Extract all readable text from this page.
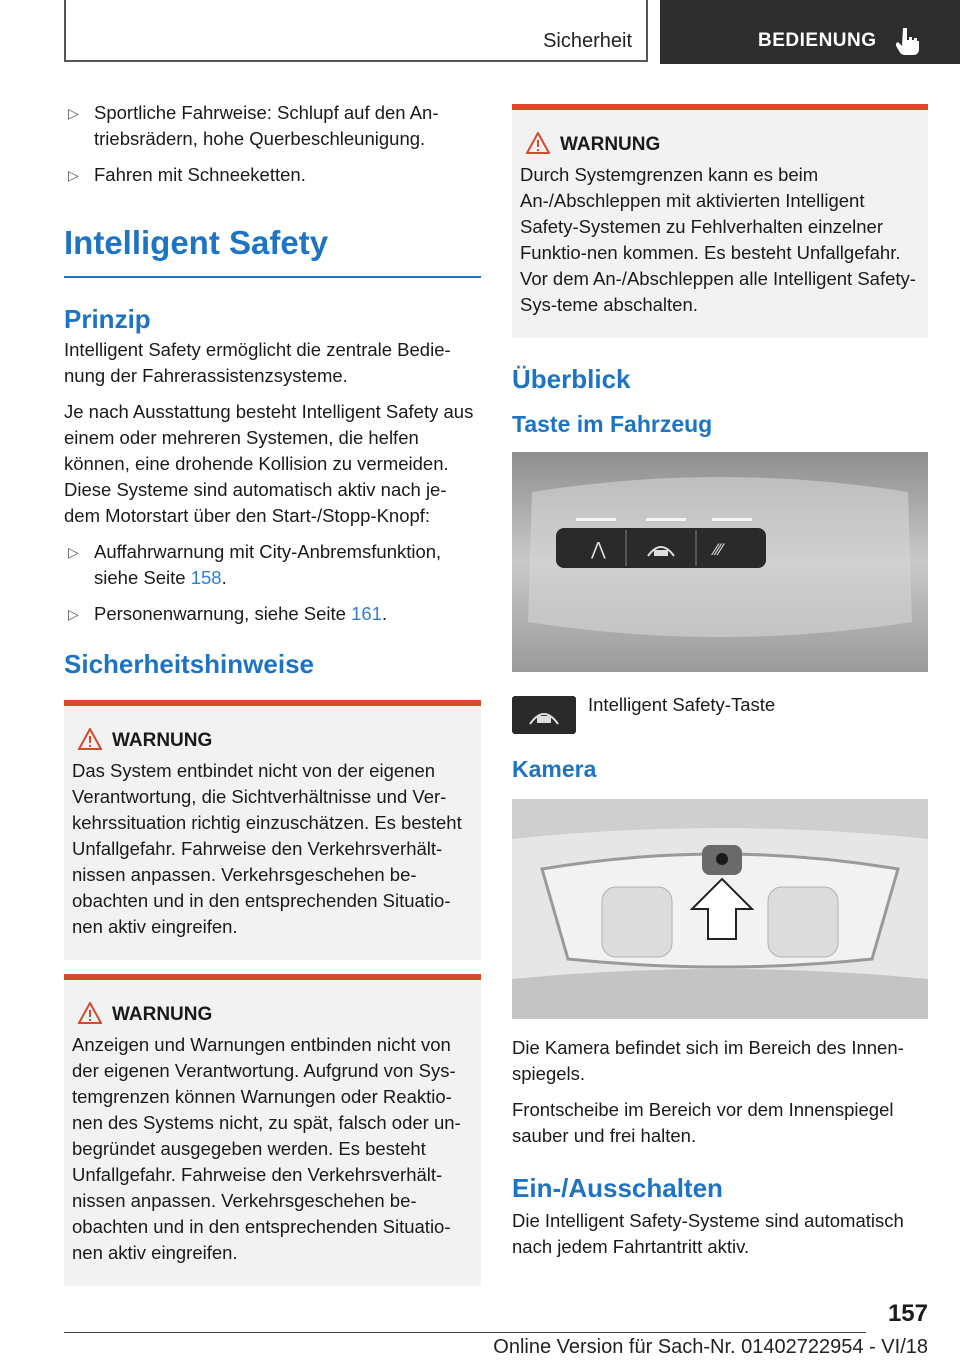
Sicherheit	BEDIENUNG
▷ Sportliche Fahrweise: Schlupf auf den An-triebsrädern, hohe Querbeschleunigung.
▷ Fahren mit Schneeketten.
Intelligent Safety
Prinzip

Intelligent Safety ermöglicht die zentrale Bedie-nung der Fahrerassistenzsysteme.

Je nach Ausstattung besteht Intelligent Safety aus einem oder mehreren Systemen, die helfen können, eine drohende Kollision zu vermeiden. Diese Systeme sind automatisch aktiv nach je-dem Motorstart über den Start-/Stopp-Knopf:

▷ Auffahrwarnung mit City-Anbremsfunktion, siehe Seite 158.
▷ Personenwarnung, siehe Seite 161.
Sicherheitshinweise
WARNUNG

Das System entbindet nicht von der eigenen Verantwortung, die Sichtverhältnisse und Ver-kehrssituation richtig einzuschätzen. Es besteht Unfallgefahr. Fahrweise den Verkehrsverhält-nissen anpassen. Verkehrsgeschehen be-obachten und in den entsprechenden Situatio-nen aktiv eingreifen.

WARNUNG

Anzeigen und Warnungen entbinden nicht von der eigenen Verantwortung. Aufgrund von Sys-temgrenzen können Warnungen oder Reaktio-nen des Systems nicht, zu spät, falsch oder un-begründet ausgegeben werden. Es besteht Unfallgefahr. Fahrweise den Verkehrsverhält-nissen anpassen. Verkehrsgeschehen be-obachten und in den entsprechenden Situatio-nen aktiv eingreifen.

WARNUNG

Durch Systemgrenzen kann es beim An-/Abschleppen mit aktivierten Intelligent Safety-Systemen zu Fehlverhalten einzelner Funktio-nen kommen. Es besteht Unfallgefahr. Vor dem An-/Abschleppen alle Intelligent Safety-Sys-teme abschalten.

Überblick
Taste im Fahrzeug
⋀	⁄⁄⁄
Intelligent Safety-Taste
Kamera

Die Kamera befindet sich im Bereich des Innen-spiegels.

Frontscheibe im Bereich vor dem Innenspiegel sauber und frei halten.

Ein-/Ausschalten

Die Intelligent Safety-Systeme sind automatisch nach jedem Fahrtantritt aktiv.

157
Online Version für Sach-Nr. 01402722954 - VI/18
